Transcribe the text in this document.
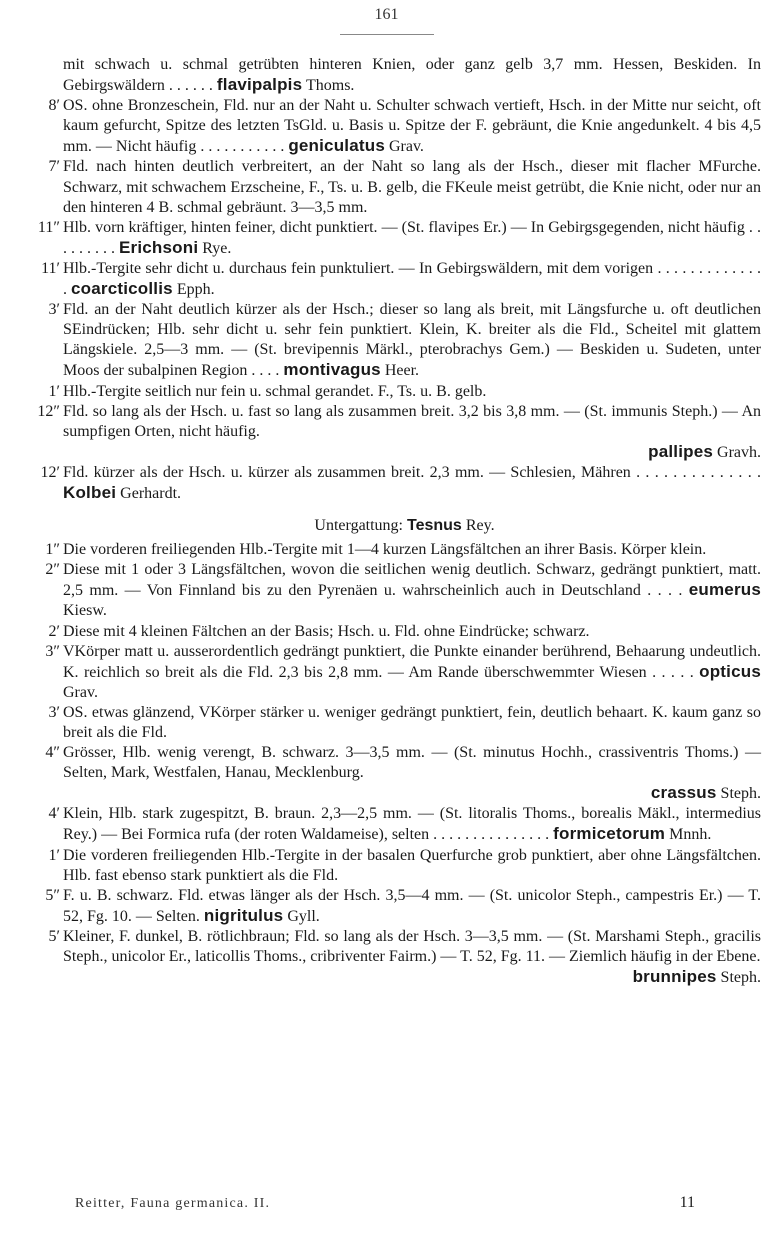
161
mit schwach u. schmal getrübten hinteren Knien, oder ganz gelb 3,7 mm. Hessen, Beskiden. In Gebirgswäldern . . . . . . flavipalpis Thoms.
8′ OS. ohne Bronzeschein, Fld. nur an der Naht u. Schulter schwach vertieft, Hsch. in der Mitte nur seicht, oft kaum gefurcht, Spitze des letzten TsGld. u. Basis u. Spitze der F. gebräunt, die Knie angedunkelt. 4 bis 4,5 mm. — Nicht häufig . . . . . . . . . . . geniculatus Grav.
7′ Fld. nach hinten deutlich verbreitert, an der Naht so lang als der Hsch., dieser mit flacher MFurche. Schwarz, mit schwachem Erzscheine, F., Ts. u. B. gelb, die FKeule meist getrübt, die Knie nicht, oder nur an den hinteren 4 B. schmal gebräunt. 3—3,5 mm.
11″ Hlb. vorn kräftiger, hinten feiner, dicht punktiert. — (St. flavipes Er.) — In Gebirgsgegenden, nicht häufig . . . . . . . . . Erichsoni Rye.
11′ Hlb.-Tergite sehr dicht u. durchaus fein punktuliert. — In Gebirgswäldern, mit dem vorigen . . . . . . . . . . . . . . coarcticollis Epph.
3′ Fld. an der Naht deutlich kürzer als der Hsch.; dieser so lang als breit, mit Längsfurche u. oft deutlichen SEindrücken; Hlb. sehr dicht u. sehr fein punktiert. Klein, K. breiter als die Fld., Scheitel mit glattem Längskiele. 2,5—3 mm. — (St. brevipennis Märkl., pterobrachys Gem.) — Beskiden u. Sudeten, unter Moos der subalpinen Region . . . . montivagus Heer.
1′ Hlb.-Tergite seitlich nur fein u. schmal gerandet. F., Ts. u. B. gelb.
12″ Fld. so lang als der Hsch. u. fast so lang als zusammen breit. 3,2 bis 3,8 mm. — (St. immunis Steph.) — An sumpfigen Orten, nicht häufig.
pallipes Gravh.
12′ Fld. kürzer als der Hsch. u. kürzer als zusammen breit. 2,3 mm. — Schlesien, Mähren . . . . . . . . . . . . . . Kolbei Gerhardt.
Untergattung: Tesnus Rey.
1″ Die vorderen freiliegenden Hlb.-Tergite mit 1—4 kurzen Längsfältchen an ihrer Basis. Körper klein.
2″ Diese mit 1 oder 3 Längsfältchen, wovon die seitlichen wenig deutlich. Schwarz, gedrängt punktiert, matt. 2,5 mm. — Von Finnland bis zu den Pyrenäen u. wahrscheinlich auch in Deutschland . . . . eumerus Kiesw.
2′ Diese mit 4 kleinen Fältchen an der Basis; Hsch. u. Fld. ohne Eindrücke; schwarz.
3″ VKörper matt u. ausserordentlich gedrängt punktiert, die Punkte einander berührend, Behaarung undeutlich. K. reichlich so breit als die Fld. 2,3 bis 2,8 mm. — Am Rande überschwemmter Wiesen . . . . . opticus Grav.
3′ OS. etwas glänzend, VKörper stärker u. weniger gedrängt punktiert, fein, deutlich behaart. K. kaum ganz so breit als die Fld.
4″ Grösser, Hlb. wenig verengt, B. schwarz. 3—3,5 mm. — (St. minutus Hochh., crassiventris Thoms.) — Selten, Mark, Westfalen, Hanau, Mecklenburg.
crassus Steph.
4′ Klein, Hlb. stark zugespitzt, B. braun. 2,3—2,5 mm. — (St. litoralis Thoms., borealis Mäkl., intermedius Rey.) — Bei Formica rufa (der roten Waldameise), selten . . . . . . . . . . . . . . . formicetorum Mnnh.
1′ Die vorderen freiliegenden Hlb.-Tergite in der basalen Querfurche grob punktiert, aber ohne Längsfältchen. Hlb. fast ebenso stark punktiert als die Fld.
5″ F. u. B. schwarz. Fld. etwas länger als der Hsch. 3,5—4 mm. — (St. unicolor Steph., campestris Er.) — T. 52, Fg. 10. — Selten. nigritulus Gyll.
5′ Kleiner, F. dunkel, B. rötlichbraun; Fld. so lang als der Hsch. 3—3,5 mm. — (St. Marshami Steph., gracilis Steph., unicolor Er., laticollis Thoms., cribriventer Fairm.) — T. 52, Fg. 11. — Ziemlich häufig in der Ebene.
brunnipes Steph.
Reitter, Fauna germanica. II.	11
